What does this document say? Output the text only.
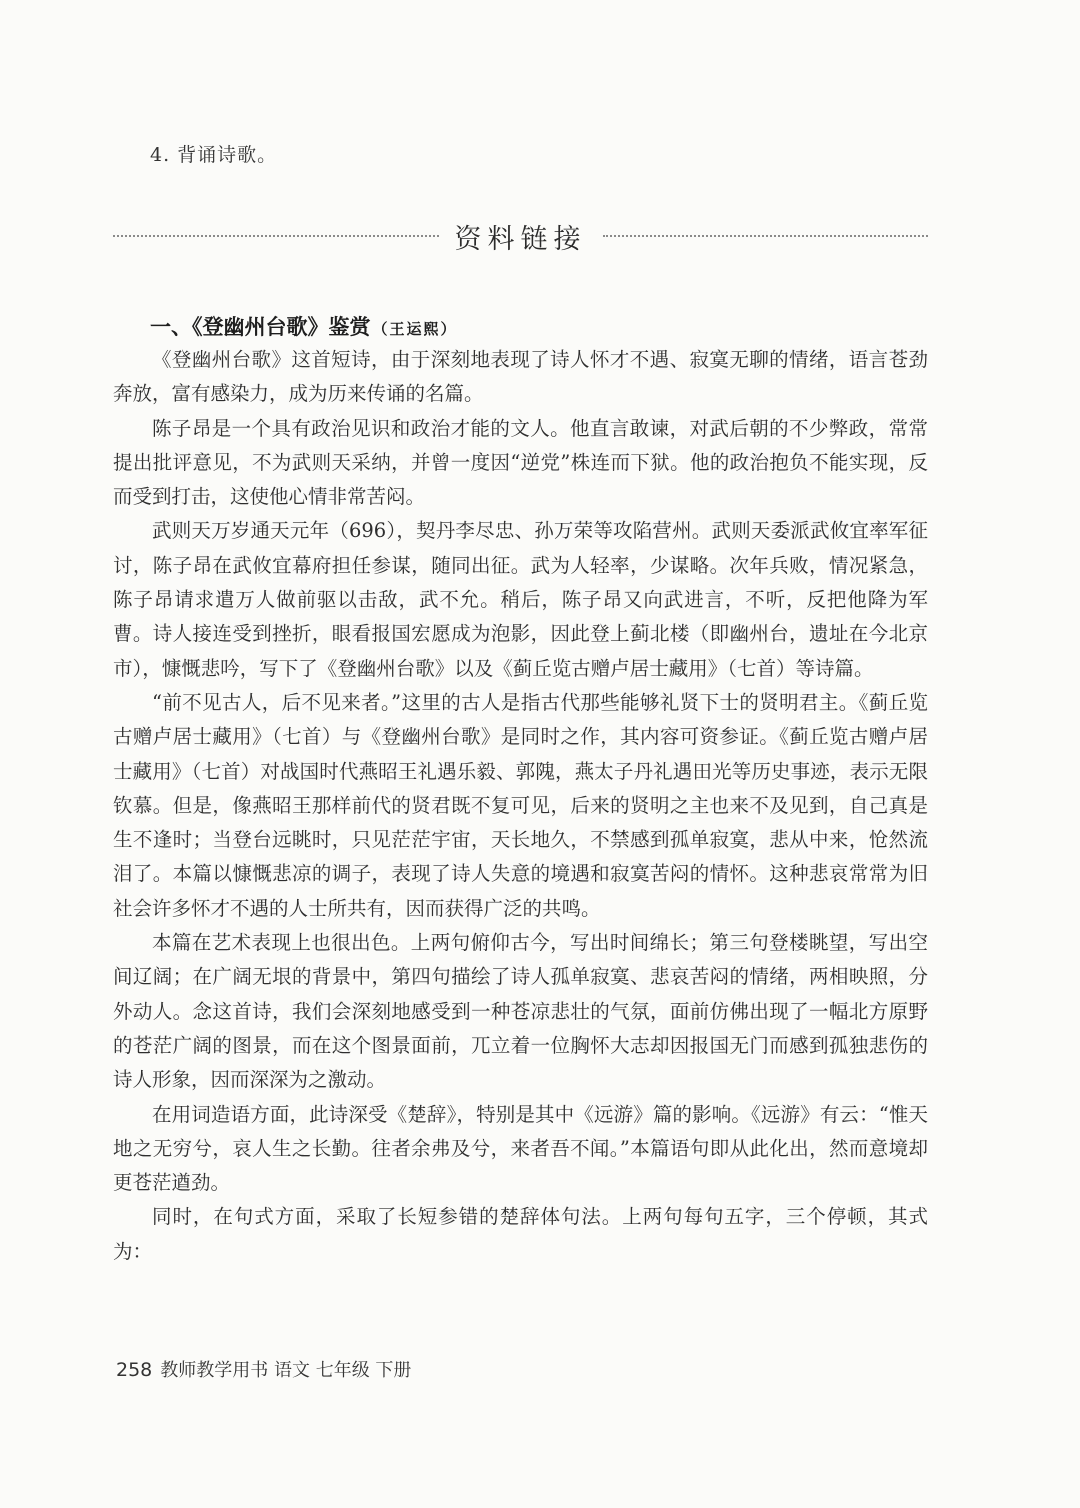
4. 背诵诗歌。
资料链接
一、《登幽州台歌》鉴赏 （王运熙）

《登幽州台歌》这首短诗，由于深刻地表现了诗人怀才不遇、寂寞无聊的情绪，语言苍劲奔放，富有感染力，成为历来传诵的名篇。

陈子昂是一个具有政治见识和政治才能的文人。他直言敢谏，对武后朝的不少弊政，常常提出批评意见，不为武则天采纳，并曾一度因“逆党”株连而下狱。他的政治抱负不能实现，反而受到打击，这使他心情非常苦闷。

武则天万岁通天元年（696），契丹李尽忠、孙万荣等攻陷营州。武则天委派武攸宜率军征讨，陈子昂在武攸宜幕府担任参谋，随同出征。武为人轻率，少谋略。次年兵败，情况紧急，陈子昂请求遣万人做前驱以击敌，武不允。稍后，陈子昂又向武进言，不听，反把他降为军曹。诗人接连受到挫折，眼看报国宏愿成为泡影，因此登上蓟北楼（即幽州台，遗址在今北京市），慷慨悲吟，写下了《登幽州台歌》以及《蓟丘览古赠卢居士藏用》（七首）等诗篇。

“前不见古人，后不见来者。”这里的古人是指古代那些能够礼贤下士的贤明君主。《蓟丘览古赠卢居士藏用》（七首）与《登幽州台歌》是同时之作，其内容可资参证。《蓟丘览古赠卢居士藏用》（七首）对战国时代燕昭王礼遇乐毅、郭隗，燕太子丹礼遇田光等历史事迹，表示无限钦慕。但是，像燕昭王那样前代的贤君既不复可见，后来的贤明之主也来不及见到，自己真是生不逢时；当登台远眺时，只见茫茫宇宙，天长地久，不禁感到孤单寂寞，悲从中来，怆然流泪了。本篇以慷慨悲凉的调子，表现了诗人失意的境遇和寂寞苦闷的情怀。这种悲哀常常为旧社会许多怀才不遇的人士所共有，因而获得广泛的共鸣。

本篇在艺术表现上也很出色。上两句俯仰古今，写出时间绵长；第三句登楼眺望，写出空间辽阔；在广阔无垠的背景中，第四句描绘了诗人孤单寂寞、悲哀苦闷的情绪，两相映照，分外动人。念这首诗，我们会深刻地感受到一种苍凉悲壮的气氛，面前仿佛出现了一幅北方原野的苍茫广阔的图景，而在这个图景面前，兀立着一位胸怀大志却因报国无门而感到孤独悲伤的诗人形象，因而深深为之激动。

在用词造语方面，此诗深受《楚辞》，特别是其中《远游》篇的影响。《远游》有云：“惟天地之无穷兮，哀人生之长勤。往者余弗及兮，来者吾不闻。”本篇语句即从此化出，然而意境却更苍茫遒劲。

同时，在句式方面，采取了长短参错的楚辞体句法。上两句每句五字，三个停顿，其式为：

258 教师教学用书 语文 七年级 下册
